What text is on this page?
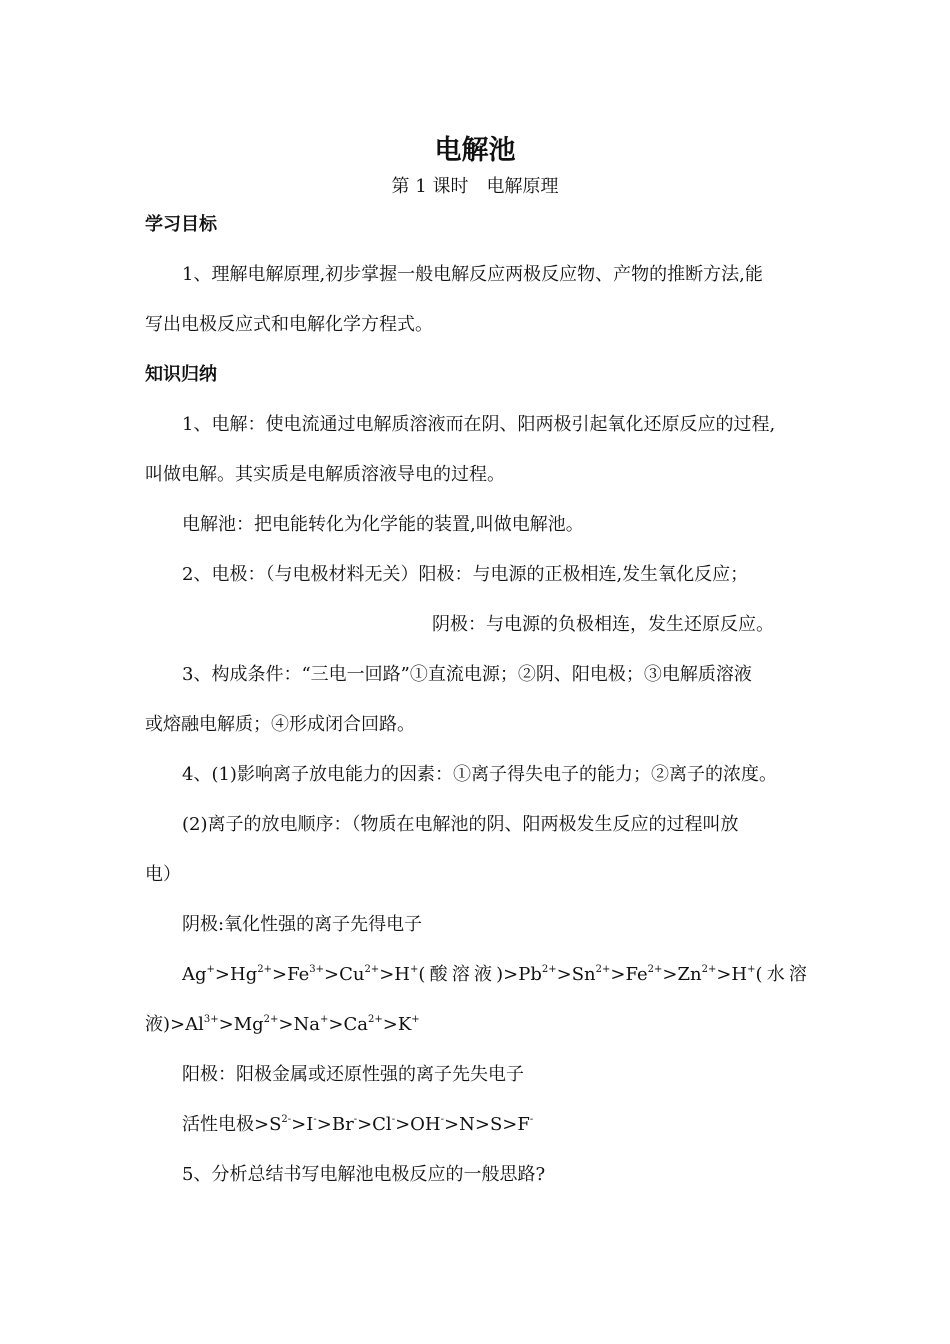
电解池
第 1 课时　电解原理
学习目标
1、理解电解原理,初步掌握一般电解反应两极反应物、产物的推断方法,能
写出电极反应式和电解化学方程式。
知识归纳
1、电解：使电流通过电解质溶液而在阴、阳两极引起氧化还原反应的过程,
叫做电解。其实质是电解质溶液导电的过程。
电解池：把电能转化为化学能的装置,叫做电解池。
2、电极：（与电极材料无关）阳极：与电源的正极相连,发生氧化反应；
阴极：与电源的负极相连，发生还原反应。
3、构成条件：“三电一回路”①直流电源；②阴、阳电极；③电解质溶液
或熔融电解质；④形成闭合回路。
4、(1)影响离子放电能力的因素：①离子得失电子的能力；②离子的浓度。
(2)离子的放电顺序：（物质在电解池的阴、阳两极发生反应的过程叫放
电）
阴极:氧化性强的离子先得电子
$Ag^+>Hg^{2+}>Fe^{3+}>Cu^{2+}>H^+$( 酸 溶 液 )$>Pb^{2+}>Sn^{2+}>Fe^{2+}>Zn^{2+}>H^+$( 水 溶
液)$>Al^{3+}>Mg^{2+}>Na^+>Ca^{2+}>K^+$
阳极：阳极金属或还原性强的离子先失电子
活性电极$>S^{2-}>I^->Br^->Cl^->OH^->N>S>F^-$
5、分析总结书写电解池电极反应的一般思路?
